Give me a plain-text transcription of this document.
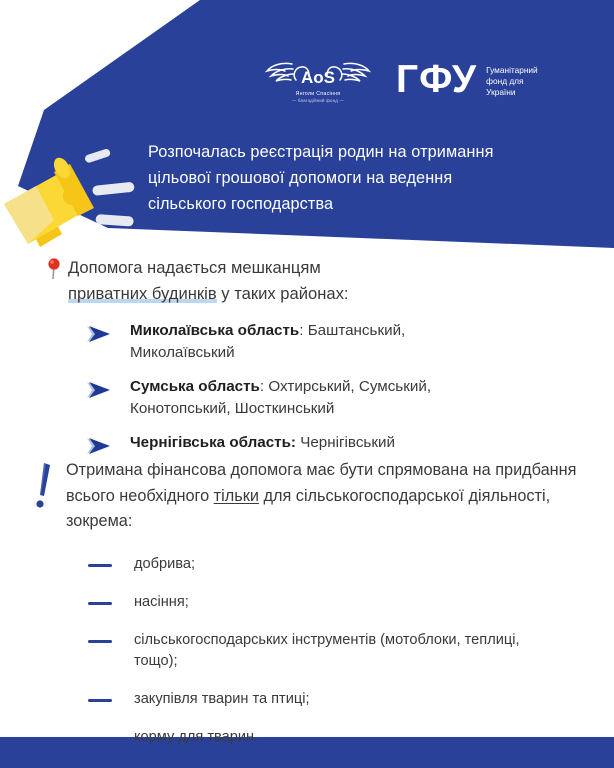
AoS
Янголи Спасіння
— благодійний фонд — ГФУ Гуманітарний
фонд для
України
Розпочалась реєстрація родин на отримання
цільової грошової допомоги на ведення
сільського господарства
Допомога надається мешканцям
приватних будинків у таких районах:
Миколаївська область: Баштанський, Миколаївський
Сумська область: Охтирський, Сумський, Конотопський, Шосткинський
Чернігівська область: Чернігівський
Отримана фінансова допомога має бути спрямована на придбання всього необхідного тільки для сільськогосподарської діяльності, зокрема:
добрива;
насіння;
сільськогосподарських інструментів (мотоблоки, теплиці, тощо);
закупівля тварин та птиці;
корму для тварин.
